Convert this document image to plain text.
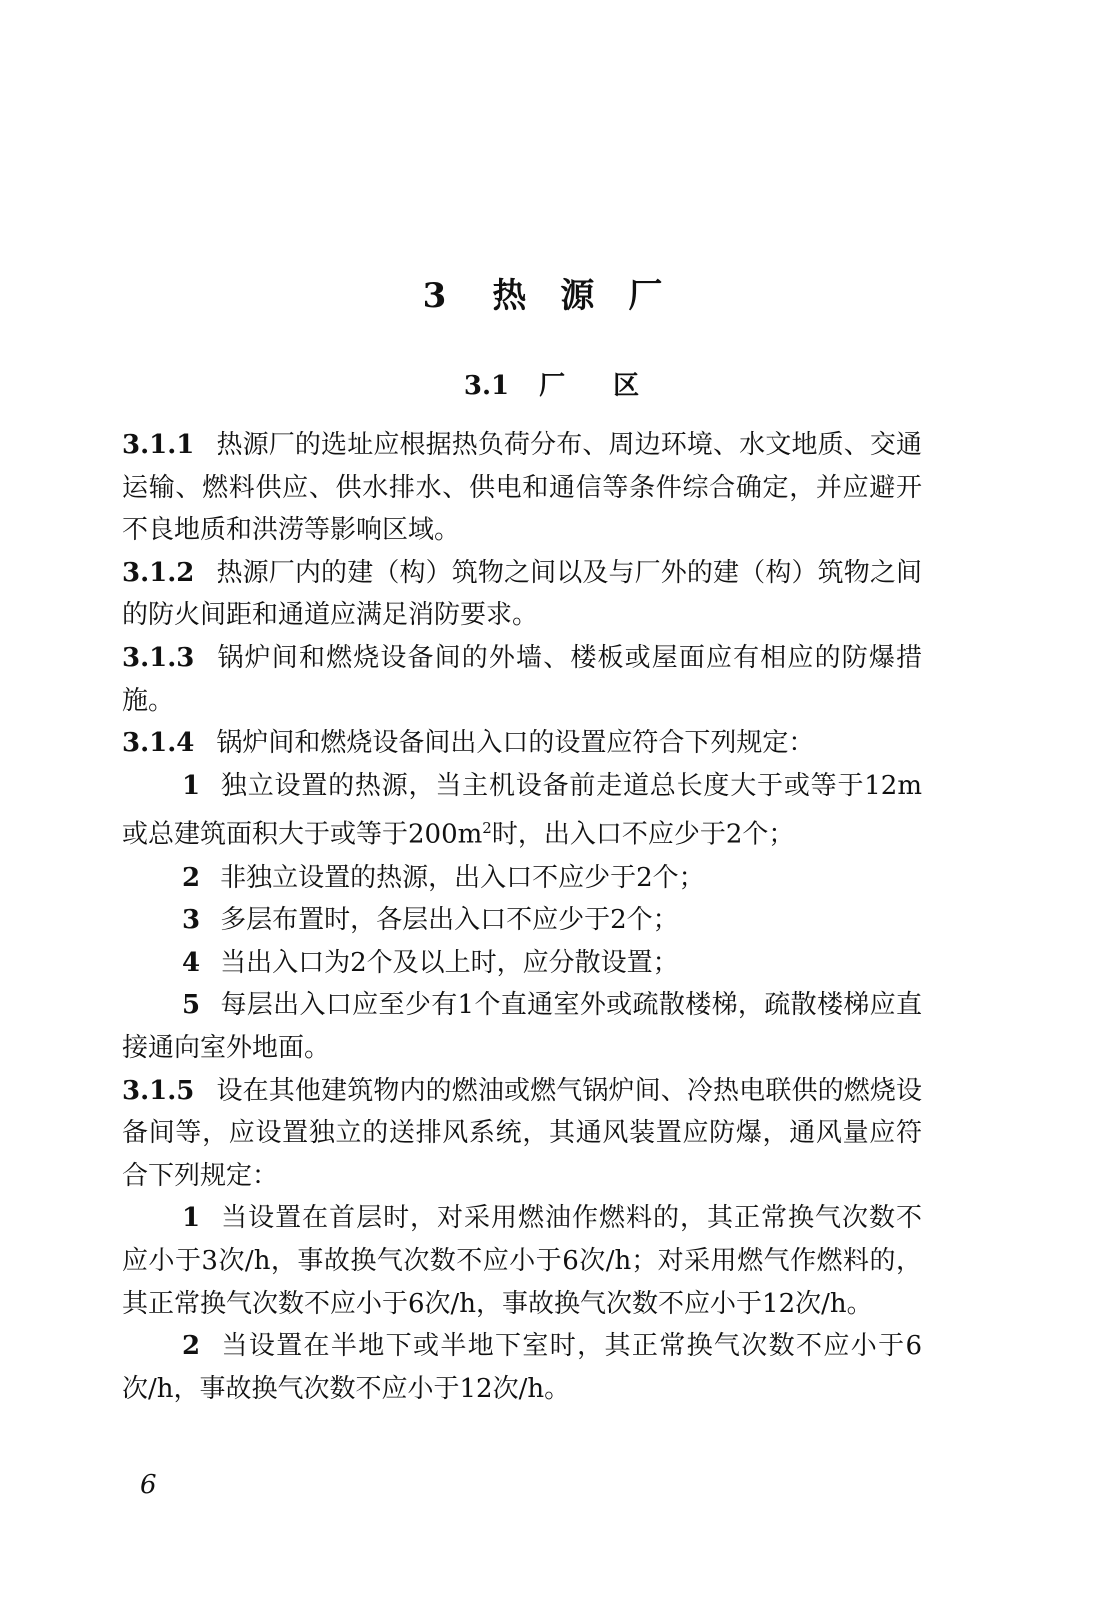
3 热 源 厂
3.1 厂 区

3.1.1 热源厂的选址应根据热负荷分布、周边环境、水文地质、交通运输、燃料供应、供水排水、供电和通信等条件综合确定，并应避开不良地质和洪涝等影响区域。

3.1.2 热源厂内的建（构）筑物之间以及与厂外的建（构）筑物之间的防火间距和通道应满足消防要求。

3.1.3 锅炉间和燃烧设备间的外墙、楼板或屋面应有相应的防爆措施。

3.1.4 锅炉间和燃烧设备间出入口的设置应符合下列规定：

1 独立设置的热源，当主机设备前走道总长度大于或等于12m或总建筑面积大于或等于$200m^2$时，出入口不应少于2个；

2 非独立设置的热源，出入口不应少于2个；

3 多层布置时，各层出入口不应少于2个；

4 当出入口为2个及以上时，应分散设置；

5 每层出入口应至少有1个直通室外或疏散楼梯，疏散楼梯应直接通向室外地面。

3.1.5 设在其他建筑物内的燃油或燃气锅炉间、冷热电联供的燃烧设备间等，应设置独立的送排风系统，其通风装置应防爆，通风量应符合下列规定：

1 当设置在首层时，对采用燃油作燃料的，其正常换气次数不应小于3次/h，事故换气次数不应小于6次/h；对采用燃气作燃料的，其正常换气次数不应小于6次/h，事故换气次数不应小于12次/h。

2 当设置在半地下或半地下室时，其正常换气次数不应小于6次/h，事故换气次数不应小于12次/h。

6
